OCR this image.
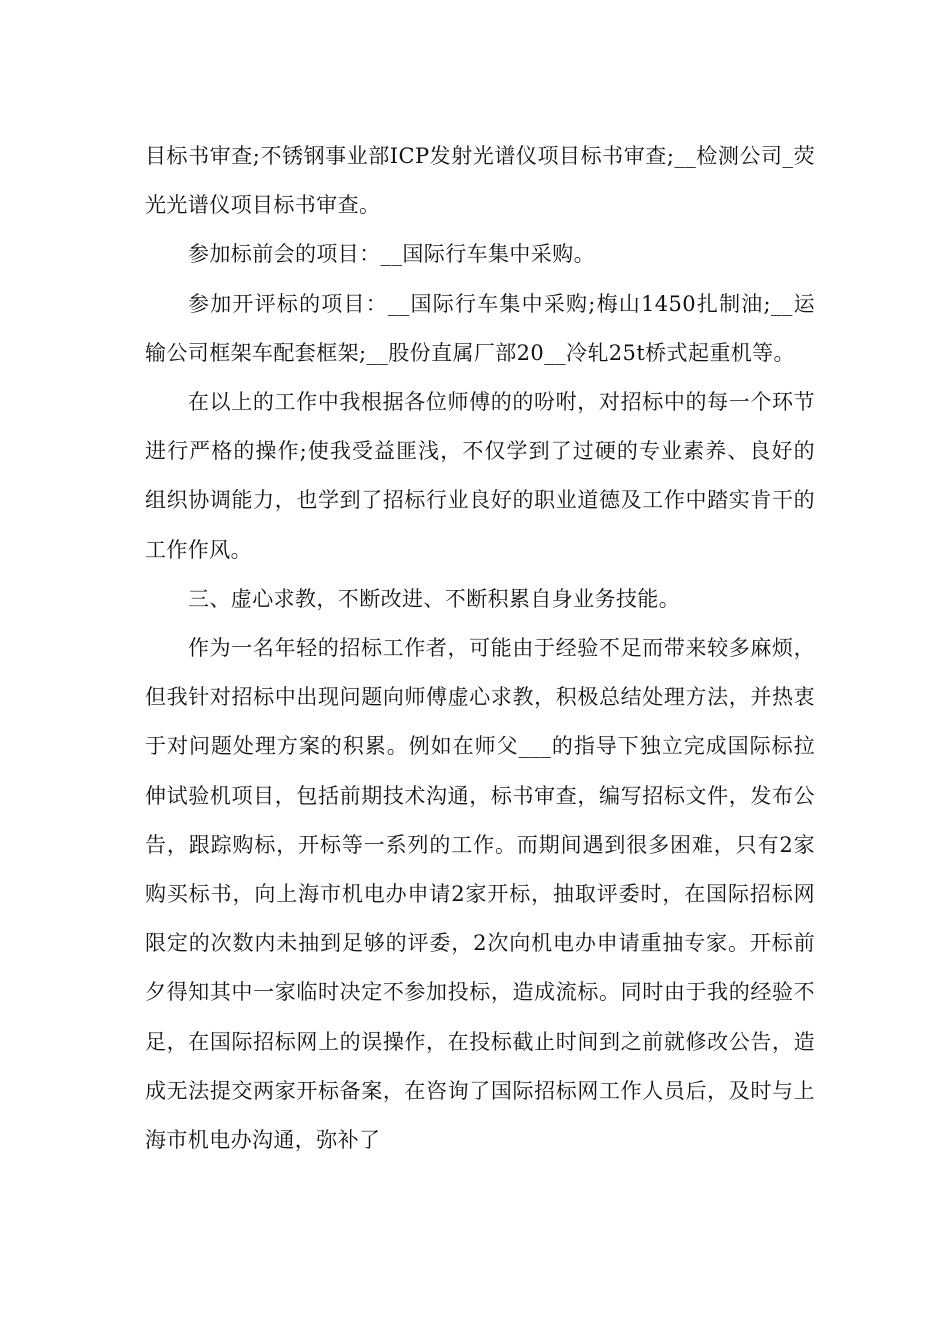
目标书审查;不锈钢事业部ICP发射光谱仪项目标书审查;__检测公司_荧光光谱仪项目标书审查。

参加标前会的项目：__国际行车集中采购。

参加开评标的项目：__国际行车集中采购;梅山1450扎制油;__运输公司框架车配套框架;__股份直属厂部20__冷轧25t桥式起重机等。

在以上的工作中我根据各位师傅的的吩咐，对招标中的每一个环节进行严格的操作;使我受益匪浅，不仅学到了过硬的专业素养、良好的组织协调能力，也学到了招标行业良好的职业道德及工作中踏实肯干的工作作风。

三、虚心求教，不断改进、不断积累自身业务技能。

作为一名年轻的招标工作者，可能由于经验不足而带来较多麻烦，但我针对招标中出现问题向师傅虚心求教，积极总结处理方法，并热衷于对问题处理方案的积累。例如在师父___的指导下独立完成国际标拉伸试验机项目，包括前期技术沟通，标书审查，编写招标文件，发布公告，跟踪购标，开标等一系列的工作。而期间遇到很多困难，只有2家购买标书，向上海市机电办申请2家开标，抽取评委时，在国际招标网限定的次数内未抽到足够的评委，2次向机电办申请重抽专家。开标前夕得知其中一家临时决定不参加投标，造成流标。同时由于我的经验不足，在国际招标网上的误操作，在投标截止时间到之前就修改公告，造成无法提交两家开标备案，在咨询了国际招标网工作人员后，及时与上海市机电办沟通，弥补了
